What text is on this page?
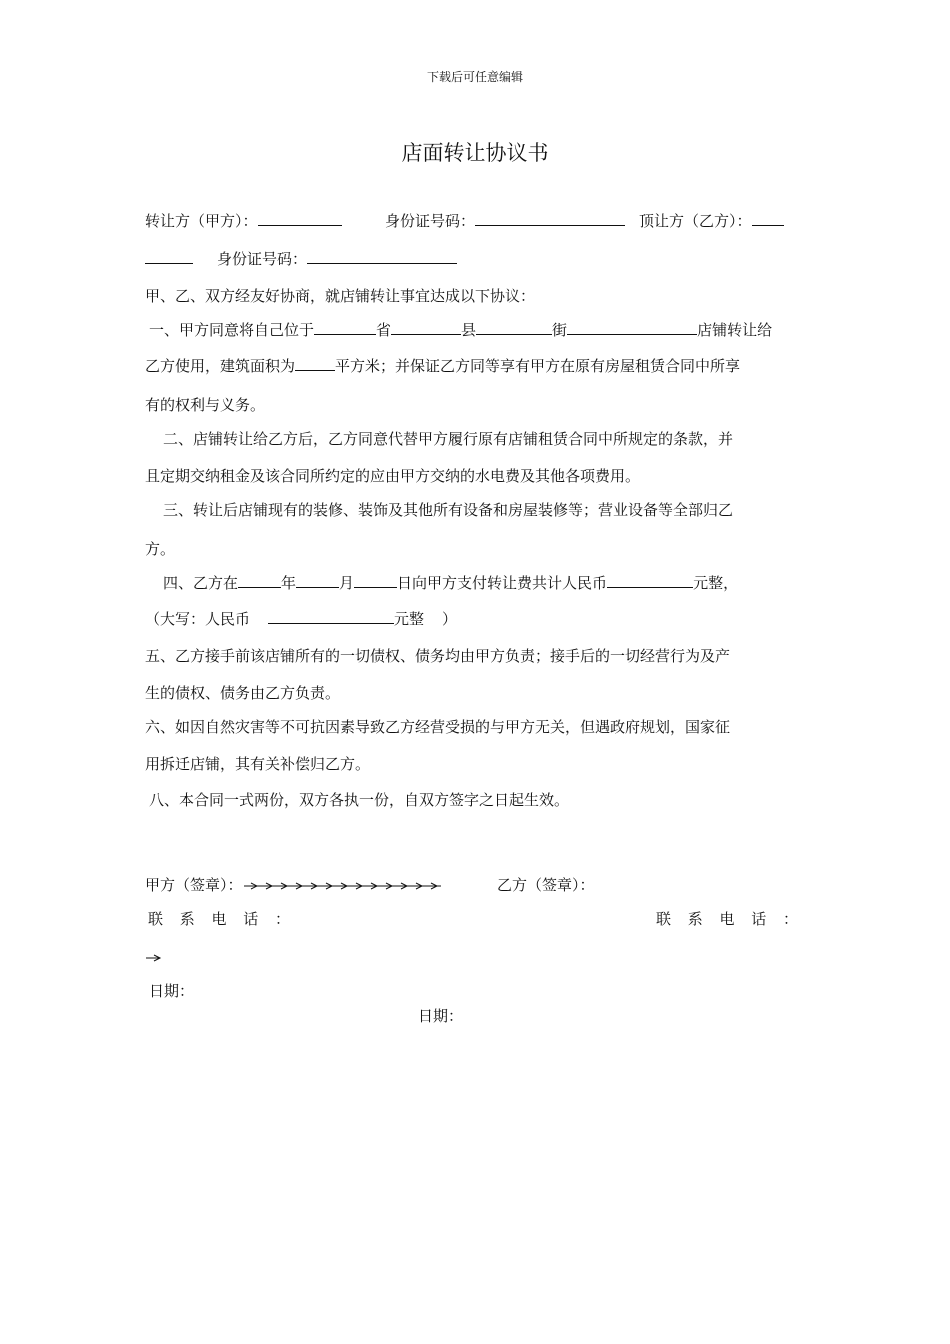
下载后可任意编辑
店面转让协议书
转让方（甲方）：	身份证号码：	顶让方（乙方）：
身份证号码：
甲、乙、双方经友好协商，就店铺转让事宜达成以下协议：
一、甲方同意将自己位于	省	县	街	店铺转让给
乙方使用，建筑面积为	平方米；并保证乙方同等享有甲方在原有房屋租赁合同中所享
有的权利与义务。
二、店铺转让给乙方后，乙方同意代替甲方履行原有店铺租赁合同中所规定的条款，并
且定期交纳租金及该合同所约定的应由甲方交纳的水电费及其他各项费用。
三、转让后店铺现有的装修、装饰及其他所有设备和房屋装修等；营业设备等全部归乙
方。
四、乙方在	年	月	日向甲方支付转让费共计人民币	元整，
（大写：人民币	元整 ）
五、乙方接手前该店铺所有的一切债权、债务均由甲方负责；接手后的一切经营行为及产
生的债权、债务由乙方负责。
六、如因自然灾害等不可抗因素导致乙方经营受损的与甲方无关，但遇政府规划，国家征
用拆迁店铺，其有关补偿归乙方。
八、本合同一式两份，双方各执一份，自双方签字之日起生效。
甲方（签章）：	乙方（签章）：
联 系 电 话 ：	联 系 电 话 ：
日期：
日期：
